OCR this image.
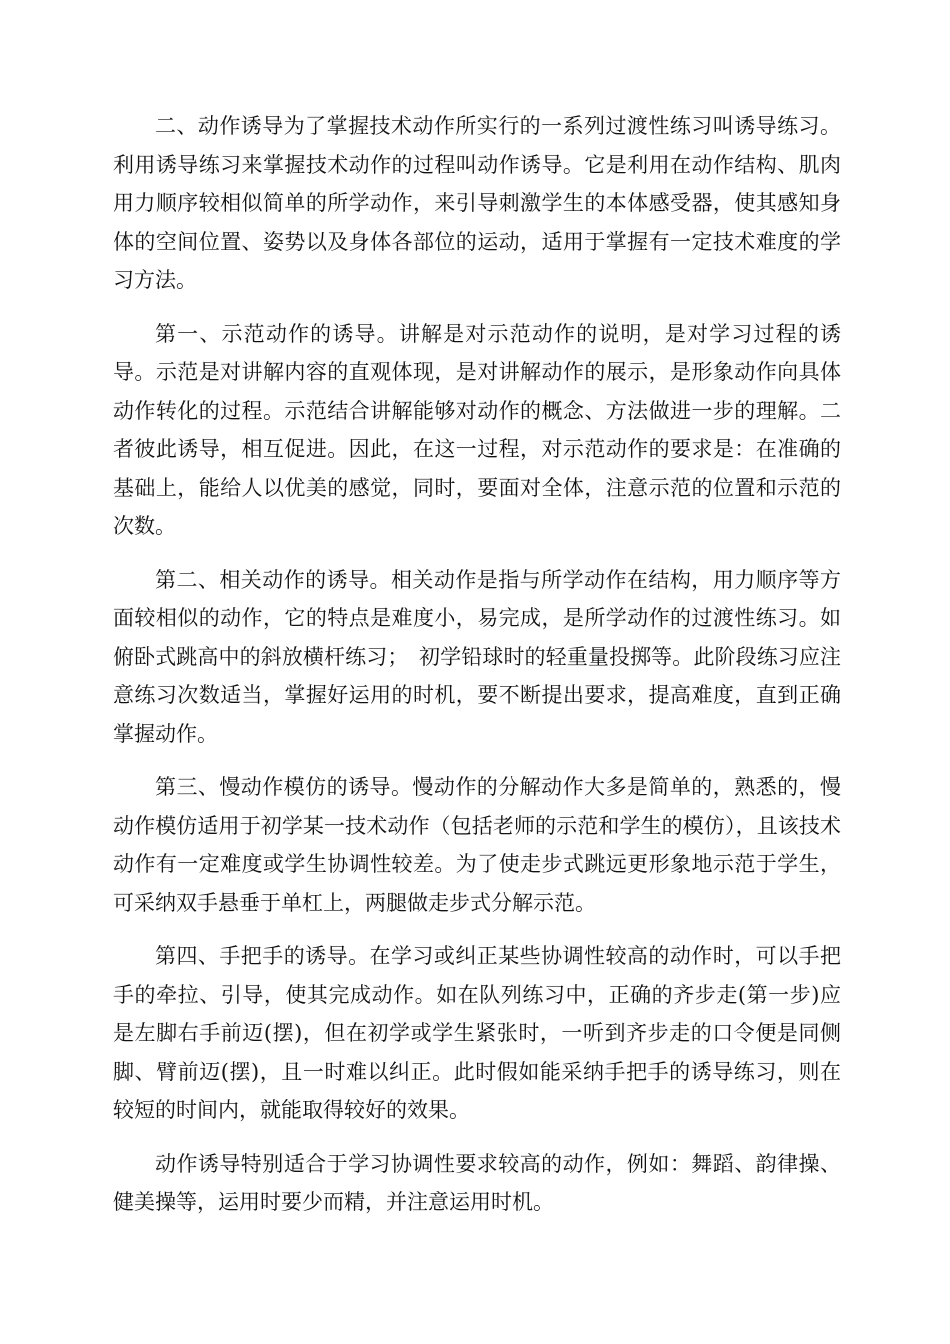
二、动作诱导为了掌握技术动作所实行的一系列过渡性练习叫诱导练习。利用诱导练习来掌握技术动作的过程叫动作诱导。它是利用在动作结构、肌肉用力顺序较相似简单的所学动作，来引导刺激学生的本体感受器，使其感知身体的空间位置、姿势以及身体各部位的运动，适用于掌握有一定技术难度的学习方法。

第一、示范动作的诱导。讲解是对示范动作的说明，是对学习过程的诱导。示范是对讲解内容的直观体现，是对讲解动作的展示，是形象动作向具体动作转化的过程。示范结合讲解能够对动作的概念、方法做进一步的理解。二者彼此诱导，相互促进。因此，在这一过程，对示范动作的要求是：在准确的基础上，能给人以优美的感觉，同时，要面对全体，注意示范的位置和示范的次数。

第二、相关动作的诱导。相关动作是指与所学动作在结构，用力顺序等方面较相似的动作，它的特点是难度小，易完成，是所学动作的过渡性练习。如俯卧式跳高中的斜放横杆练习；　初学铅球时的轻重量投掷等。此阶段练习应注意练习次数适当，掌握好运用的时机，要不断提出要求，提高难度，直到正确掌握动作。

第三、慢动作模仿的诱导。慢动作的分解动作大多是简单的，熟悉的，慢动作模仿适用于初学某一技术动作（包括老师的示范和学生的模仿），且该技术动作有一定难度或学生协调性较差。为了使走步式跳远更形象地示范于学生，可采纳双手悬垂于单杠上，两腿做走步式分解示范。

第四、手把手的诱导。在学习或纠正某些协调性较高的动作时，可以手把手的牵拉、引导，使其完成动作。如在队列练习中，正确的齐步走(第一步)应是左脚右手前迈(摆)，但在初学或学生紧张时，一听到齐步走的口令便是同侧脚、臂前迈(摆)，且一时难以纠正。此时假如能采纳手把手的诱导练习，则在较短的时间内，就能取得较好的效果。

动作诱导特别适合于学习协调性要求较高的动作，例如：舞蹈、韵律操、健美操等，运用时要少而精，并注意运用时机。
